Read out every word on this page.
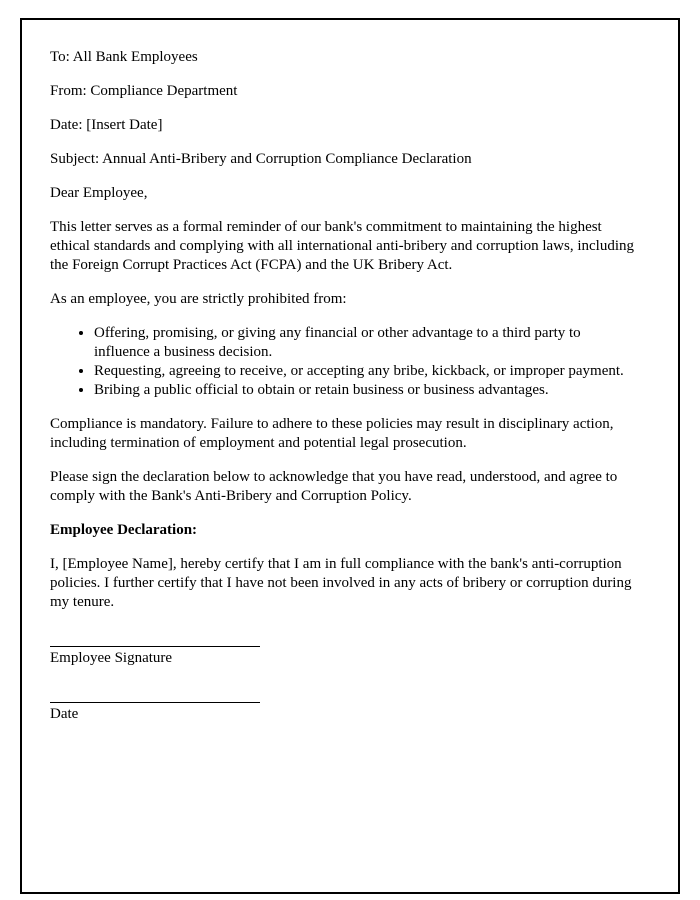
To: All Bank Employees

From: Compliance Department

Date: [Insert Date]

Subject: Annual Anti-Bribery and Corruption Compliance Declaration

Dear Employee,

This letter serves as a formal reminder of our bank's commitment to maintaining the highest ethical standards and complying with all international anti-bribery and corruption laws, including the Foreign Corrupt Practices Act (FCPA) and the UK Bribery Act.

As an employee, you are strictly prohibited from:

• Offering, promising, or giving any financial or other advantage to a third party to influence a business decision.
• Requesting, agreeing to receive, or accepting any bribe, kickback, or improper payment.
• Bribing a public official to obtain or retain business or business advantages.

Compliance is mandatory. Failure to adhere to these policies may result in disciplinary action, including termination of employment and potential legal prosecution.

Please sign the declaration below to acknowledge that you have read, understood, and agree to comply with the Bank's Anti-Bribery and Corruption Policy.

Employee Declaration:

I, [Employee Name], hereby certify that I am in full compliance with the bank's anti-corruption policies. I further certify that I have not been involved in any acts of bribery or corruption during my tenure.

Employee Signature

Date
